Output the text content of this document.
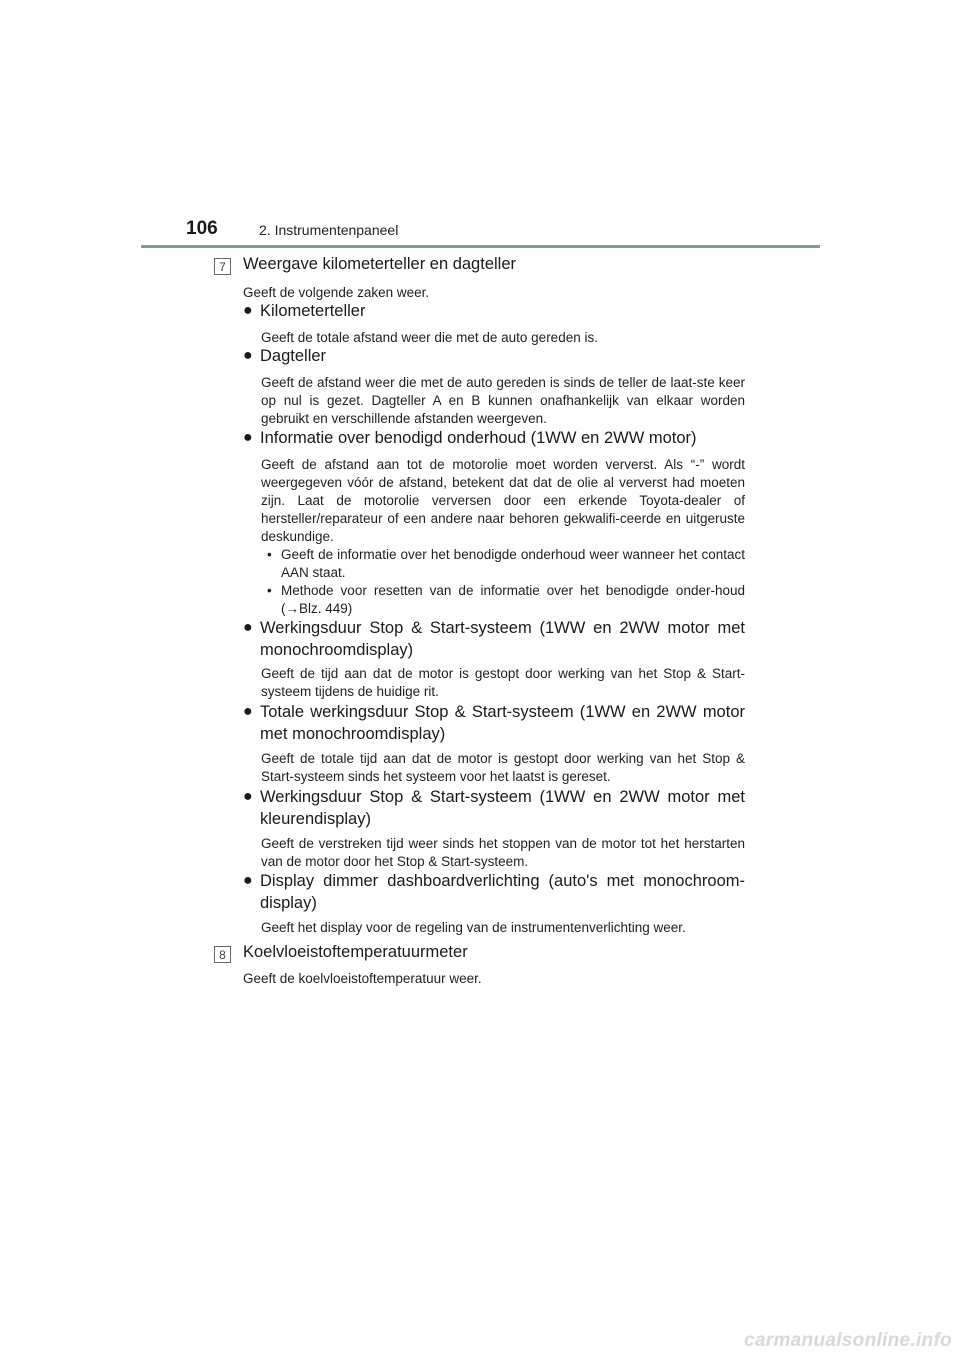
106	2. Instrumentenpaneel
7	Weergave kilometerteller en dagteller
Geeft de volgende zaken weer.
● Kilometerteller
Geeft de totale afstand weer die met de auto gereden is.
● Dagteller
Geeft de afstand weer die met de auto gereden is sinds de teller de laat-ste keer op nul is gezet. Dagteller A en B kunnen onafhankelijk van elkaar worden gebruikt en verschillende afstanden weergeven.
● Informatie over benodigd onderhoud (1WW en 2WW motor)
Geeft de afstand aan tot de motorolie moet worden ververst. Als “-” wordt weergegeven vóór de afstand, betekent dat dat de olie al ververst had moeten zijn. Laat de motorolie verversen door een erkende Toyota-dealer of hersteller/reparateur of een andere naar behoren gekwalifi-ceerde en uitgeruste deskundige.
• Geeft de informatie over het benodigde onderhoud weer wanneer het contact AAN staat.
• Methode voor resetten van de informatie over het benodigde onder-houd (→Blz. 449)
● Werkingsduur Stop & Start-systeem (1WW en 2WW motor met monochroomdisplay)
Geeft de tijd aan dat de motor is gestopt door werking van het Stop & Start-systeem tijdens de huidige rit.
● Totale werkingsduur Stop & Start-systeem (1WW en 2WW motor met monochroomdisplay)
Geeft de totale tijd aan dat de motor is gestopt door werking van het Stop & Start-systeem sinds het systeem voor het laatst is gereset.
● Werkingsduur Stop & Start-systeem (1WW en 2WW motor met kleurendisplay)
Geeft de verstreken tijd weer sinds het stoppen van de motor tot het herstarten van de motor door het Stop & Start-systeem.
● Display dimmer dashboardverlichting (auto's met monochroom-display)
Geeft het display voor de regeling van de instrumentenverlichting weer.
8	Koelvloeistoftemperatuurmeter
Geeft de koelvloeistoftemperatuur weer.
carmanualsonline.info
